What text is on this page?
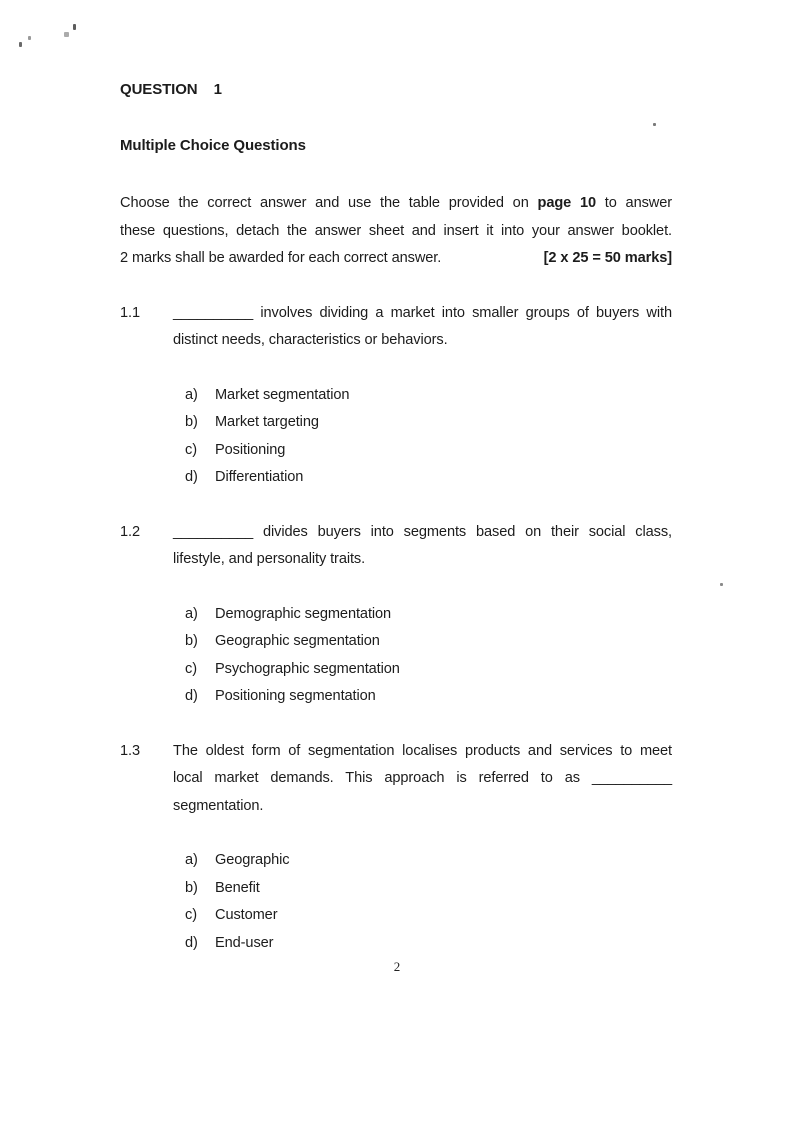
QUESTION 1
Multiple Choice Questions
Choose the correct answer and use the table provided on page 10 to answer
these questions, detach the answer sheet and insert it into your answer booklet.
2 marks shall be awarded for each correct answer.	[2 x 25 = 50 marks]
1.1	__________ involves dividing a market into smaller groups of buyers with
distinct needs, characteristics or behaviors.
a)	Market segmentation
b)	Market targeting
c)	Positioning
d)	Differentiation
1.2	__________ divides buyers into segments based on their social class,
lifestyle, and personality traits.
a)	Demographic segmentation
b)	Geographic segmentation
c)	Psychographic segmentation
d)	Positioning segmentation
1.3	The oldest form of segmentation localises products and services to meet
local market demands. This approach is referred to as __________
segmentation.
a)	Geographic
b)	Benefit
c)	Customer
d)	End-user
2
